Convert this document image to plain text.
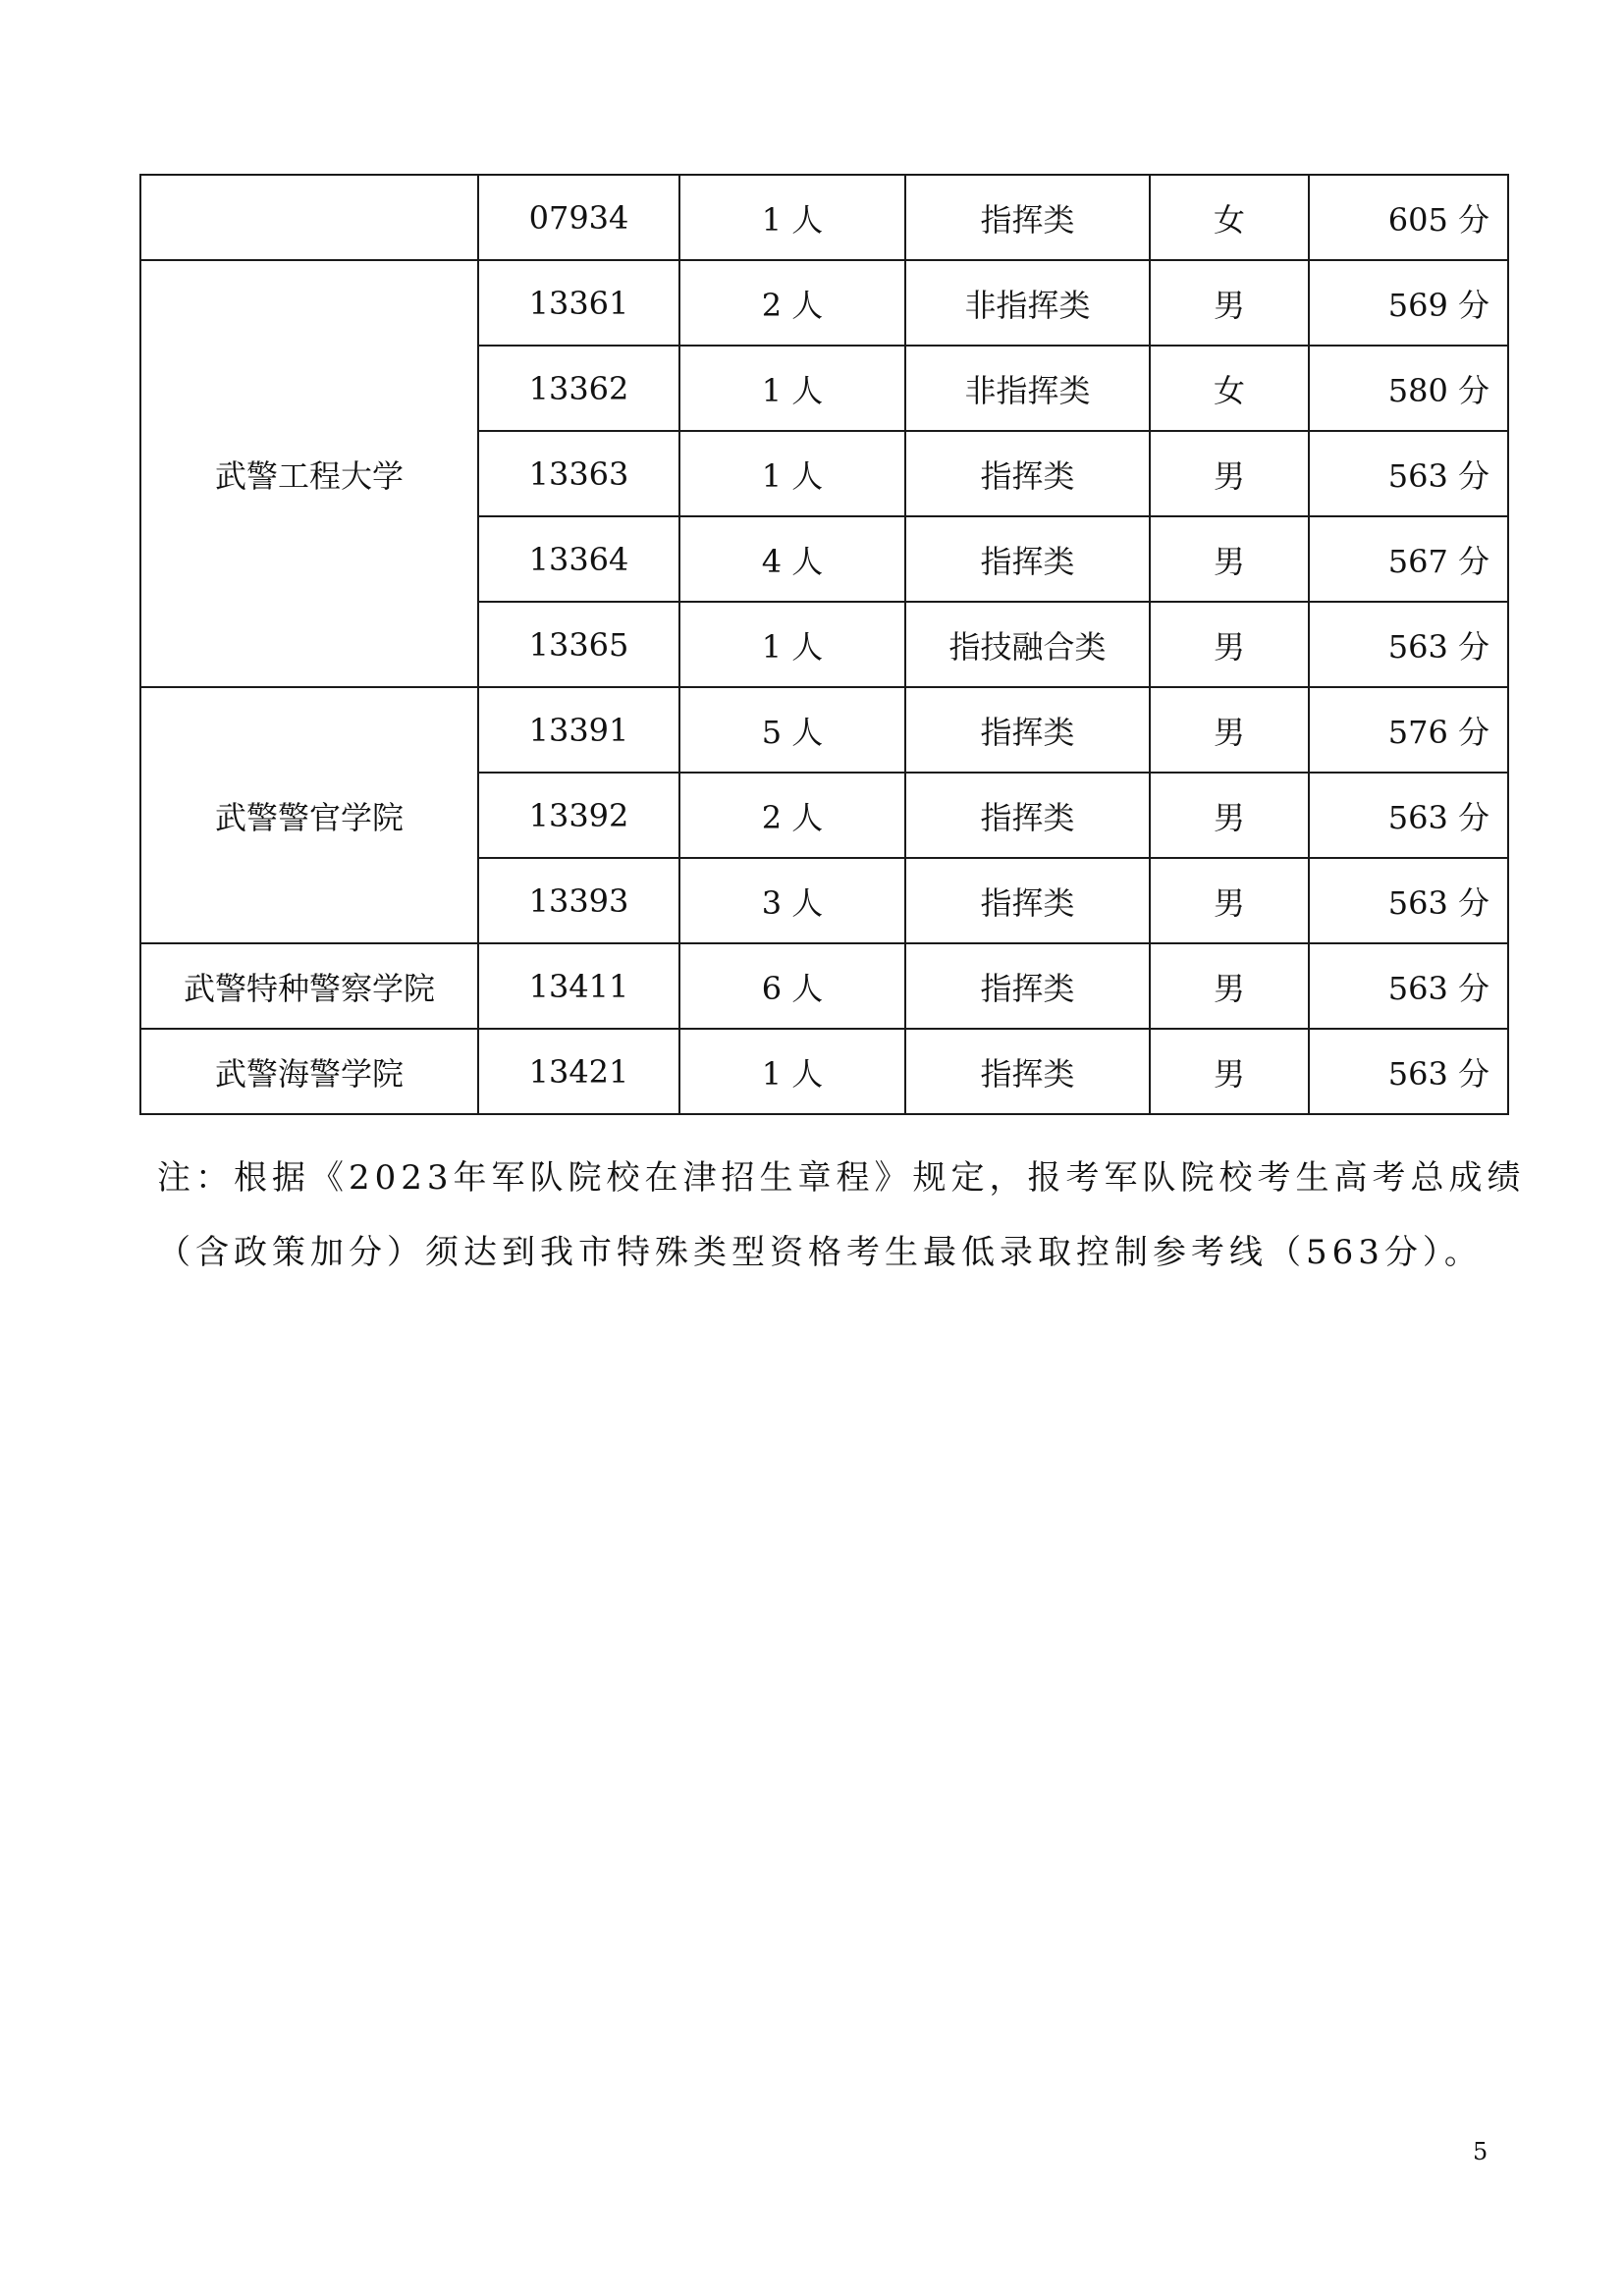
	07934	1 人	指挥类	女	605 分
武警工程大学	13361	2 人	非指挥类	男	569 分
	13362	1 人	非指挥类	女	580 分
	13363	1 人	指挥类	男	563 分
	13364	4 人	指挥类	男	567 分
	13365	1 人	指技融合类	男	563 分
武警警官学院	13391	5 人	指挥类	男	576 分
	13392	2 人	指挥类	男	563 分
	13393	3 人	指挥类	男	563 分
武警特种警察学院	13411	6 人	指挥类	男	563 分
武警海警学院	13421	1 人	指挥类	男	563 分
注：根据《2023年军队院校在津招生章程》规定，报考军队院校考生高考总成绩
（含政策加分）须达到我市特殊类型资格考生最低录取控制参考线（563分）。
5
